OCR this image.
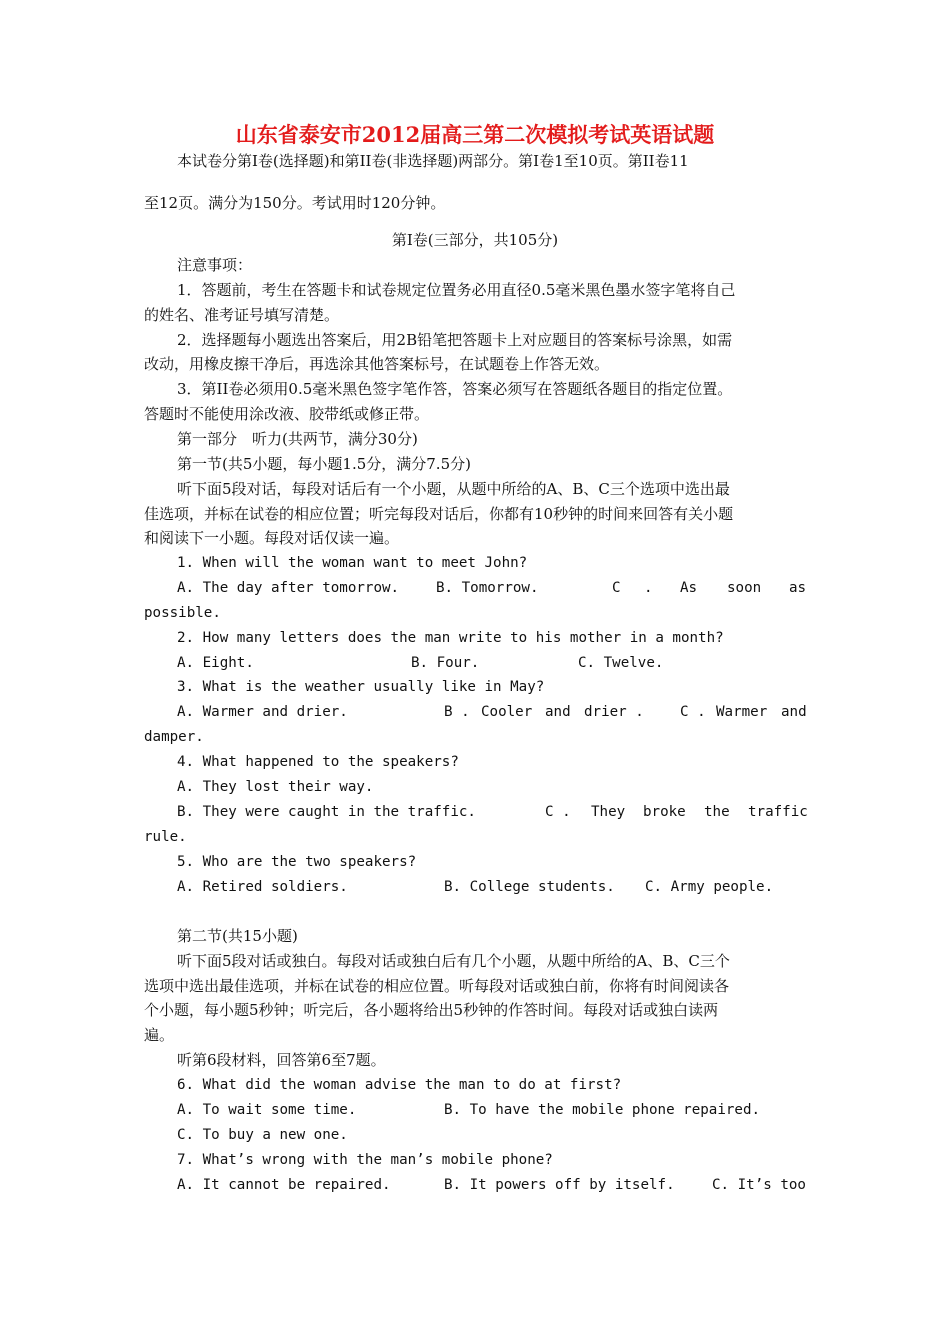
山东省泰安市2012届高三第二次模拟考试英语试题
本试卷分第I卷(选择题)和第II卷(非选择题)两部分。第I卷1至10页。第II卷11
至12页。满分为150分。考试用时120分钟。
第I卷(三部分，共105分)
注意事项：
1．答题前，考生在答题卡和试卷规定位置务必用直径0.5毫米黑色墨水签字笔将自己
的姓名、准考证号填写清楚。
2．选择题每小题选出答案后，用2B铅笔把答题卡上对应题目的答案标号涂黑，如需
改动，用橡皮擦干净后，再选涂其他答案标号，在试题卷上作答无效。
3．第II卷必须用0.5毫米黑色签字笔作答，答案必须写在答题纸各题目的指定位置。
答题时不能使用涂改液、胶带纸或修正带。
第一部分　听力(共两节，满分30分)
第一节(共5小题，每小题1.5分，满分7.5分)
听下面5段对话，每段对话后有一个小题，从题中所给的A、B、C三个选项中选出最
佳选项，并标在试卷的相应位置；听完每段对话后，你都有10秒钟的时间来回答有关小题
和阅读下一小题。每段对话仅读一遍。
1. When will the woman want to meet John?
A. The day after tomorrow.	B. Tomorrow.	C . As soon as
possible.
2. How many letters does the man write to his mother in a month?
A. Eight.	B. Four.	C. Twelve.
3. What is the weather usually like in May?
A. Warmer and drier.	B . Cooler and drier .	C . Warmer and
damper.
4. What happened to the speakers?
A. They lost their way.
B. They were caught in the traffic.	C . They broke the traffic
rule.
5. Who are the two speakers?
A. Retired soldiers.	B. College students. C. Army people.
第二节(共15小题)
听下面5段对话或独白。每段对话或独白后有几个小题，从题中所给的A、B、C三个
选项中选出最佳选项，并标在试卷的相应位置。听每段对话或独白前，你将有时间阅读各
个小题，每小题5秒钟；听完后，各小题将给出5秒钟的作答时间。每段对话或独白读两
遍。
听第6段材料，回答第6至7题。
6. What did the woman advise the man to do at first?
A. To wait some time.	B. To have the mobile phone repaired.
C. To buy a new one.
7. What’s wrong with the man’s mobile phone?
A. It cannot be repaired.	B. It powers off by itself.	C. It’s too
